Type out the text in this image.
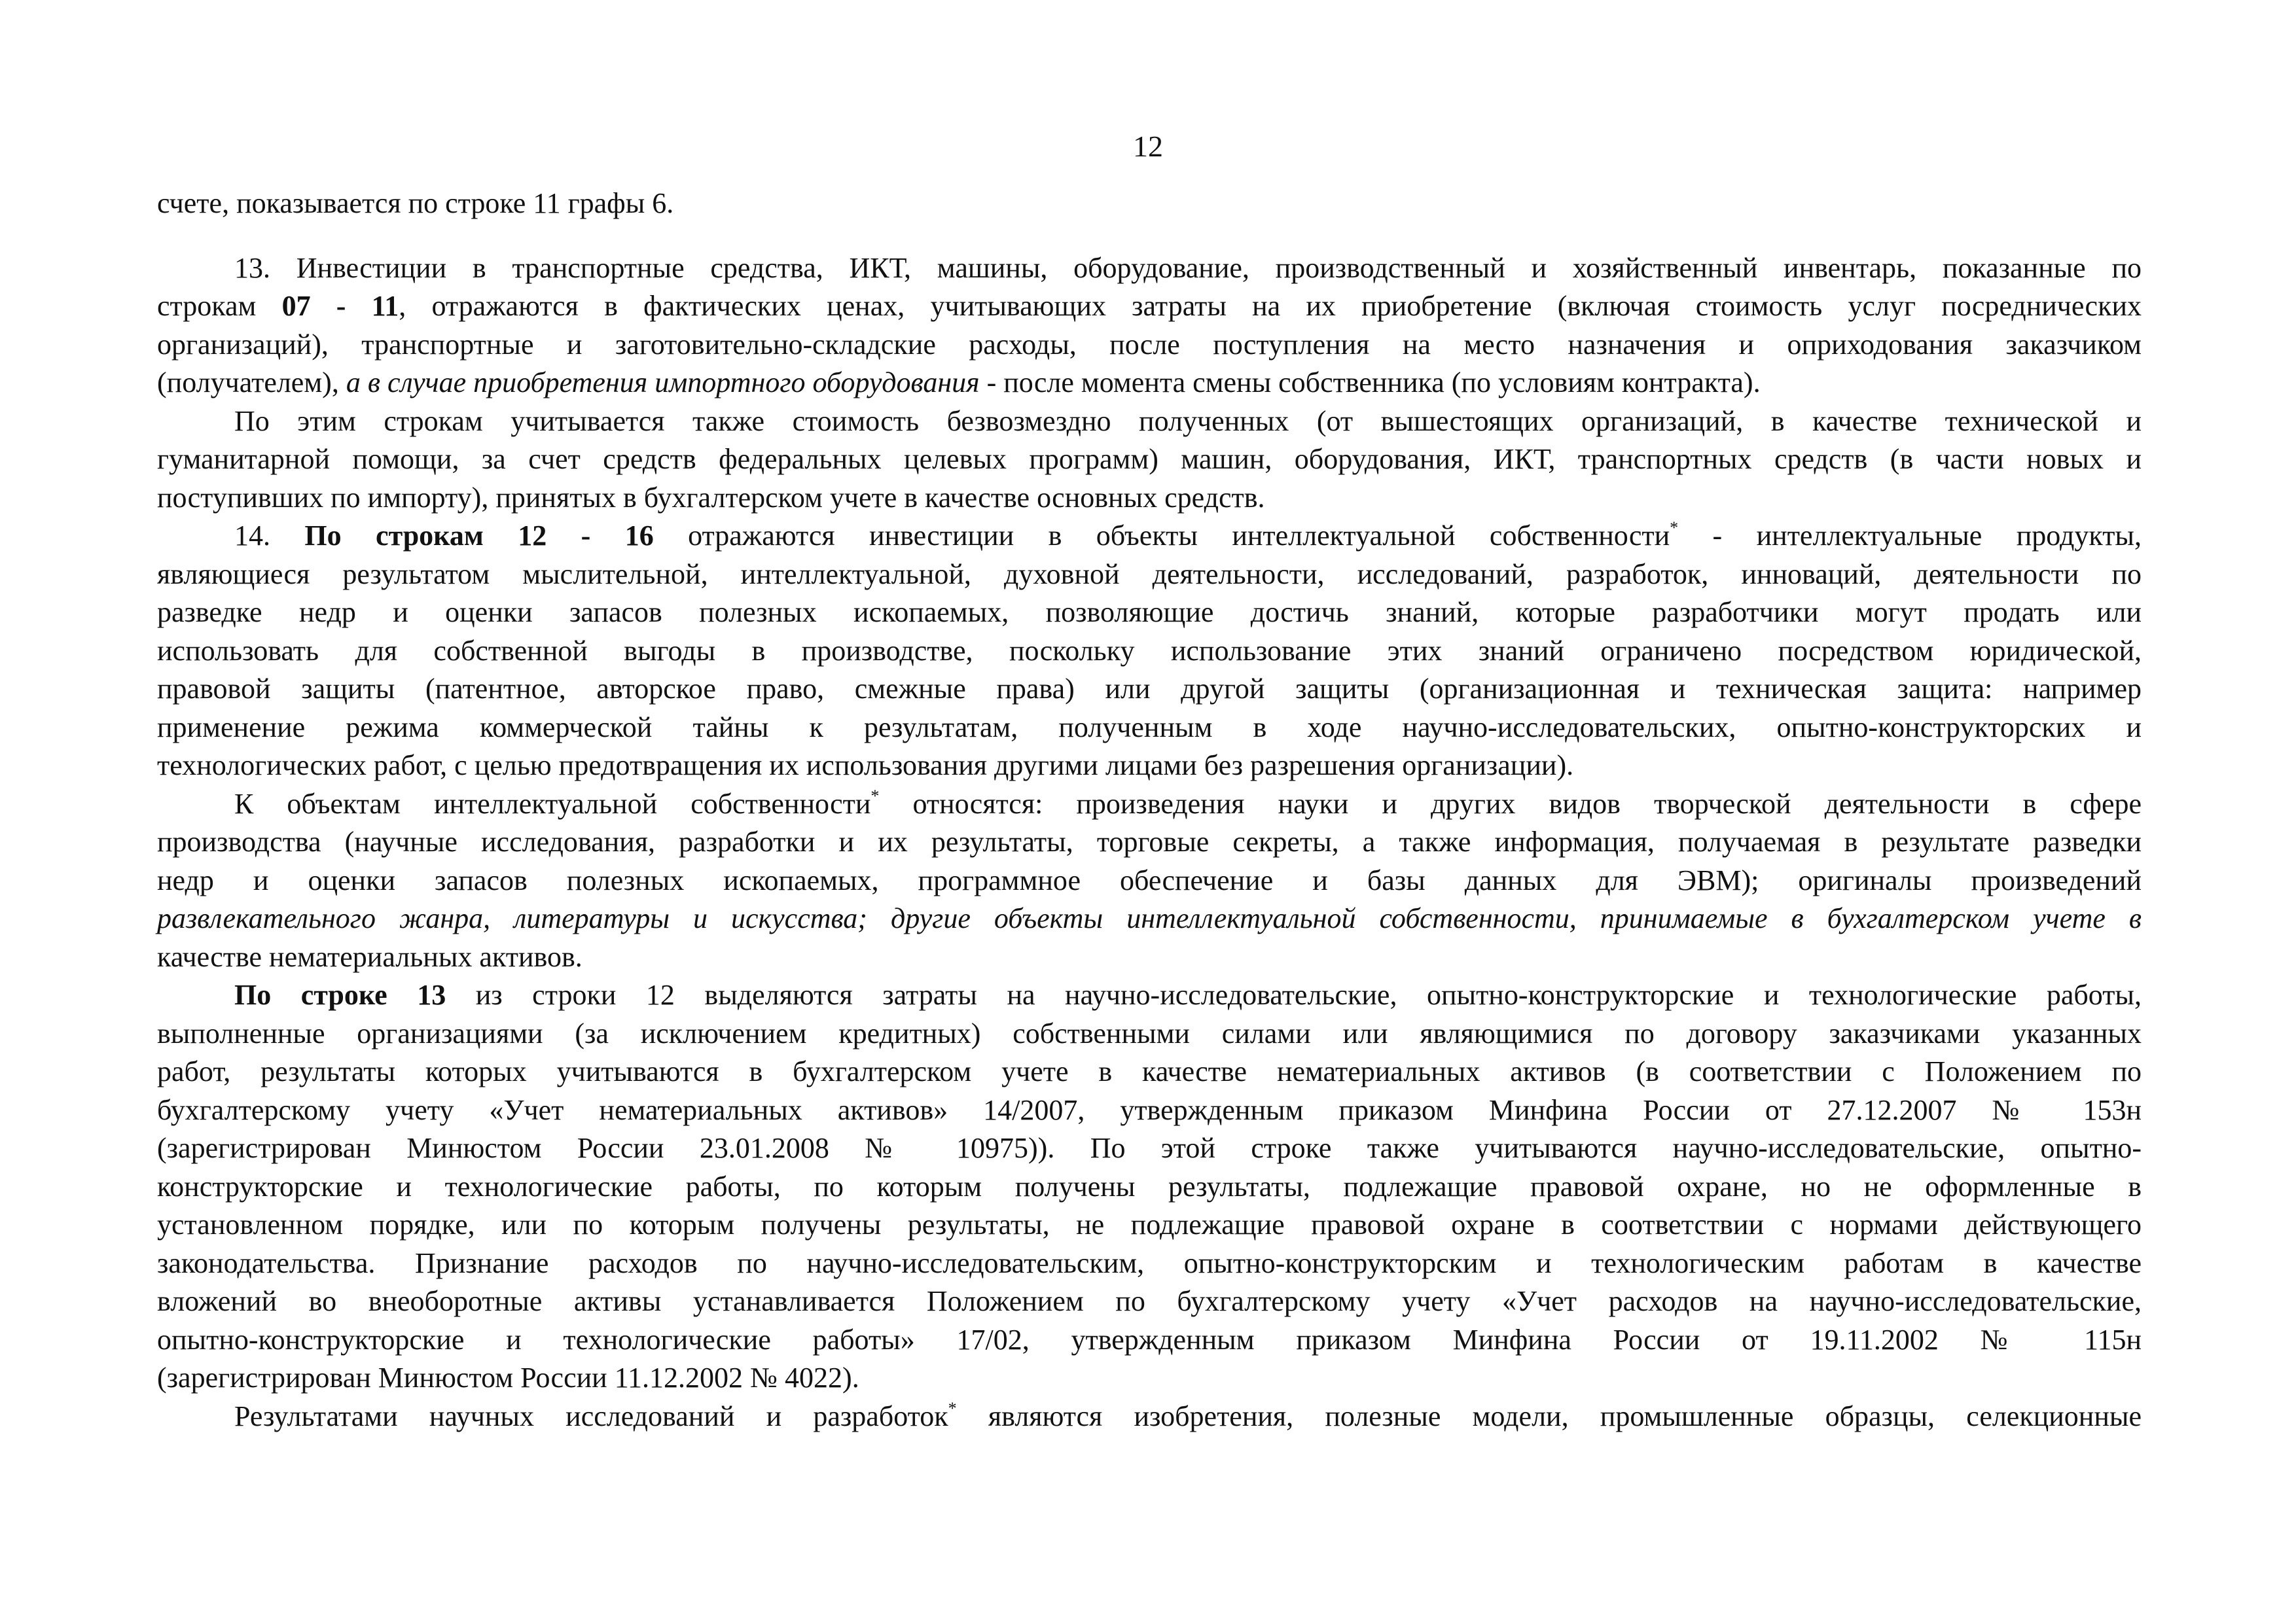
12
счете, показывается по строке 11 графы 6.
13. Инвестиции в транспортные средства, ИКТ, машины, оборудование, производственный и хозяйственный инвентарь, показанные по
строкам 07 - 11, отражаются в фактических ценах, учитывающих затраты на их приобретение (включая стоимость услуг посреднических
организаций), транспортные и заготовительно-складские расходы, после поступления на место назначения и оприходования заказчиком
(получателем), а в случае приобретения импортного оборудования - после момента смены собственника (по условиям контракта).
По этим строкам учитывается также стоимость безвозмездно полученных (от вышестоящих организаций, в качестве технической и
гуманитарной помощи, за счет средств федеральных целевых программ) машин, оборудования, ИКТ, транспортных средств (в части новых и
поступивших по импорту), принятых в бухгалтерском учете в качестве основных средств.
14. По строкам 12 - 16 отражаются инвестиции в объекты интеллектуальной собственности* - интеллектуальные продукты,
являющиеся результатом мыслительной, интеллектуальной, духовной деятельности, исследований, разработок, инноваций, деятельности по
разведке недр и оценки запасов полезных ископаемых, позволяющие достичь знаний, которые разработчики могут продать или
использовать для собственной выгоды в производстве, поскольку использование этих знаний ограничено посредством юридической,
правовой защиты (патентное, авторское право, смежные права) или другой защиты (организационная и техническая защита: например
применение режима коммерческой тайны к результатам, полученным в ходе научно-исследовательских, опытно-конструкторских и
технологических работ, с целью предотвращения их использования другими лицами без разрешения организации).
К объектам интеллектуальной собственности* относятся: произведения науки и других видов творческой деятельности в сфере
производства (научные исследования, разработки и их результаты, торговые секреты, а также информация, получаемая в результате разведки
недр и оценки запасов полезных ископаемых, программное обеспечение и базы данных для ЭВМ); оригиналы произведений
развлекательного жанра, литературы и искусства; другие объекты интеллектуальной собственности, принимаемые в бухгалтерском учете в
качестве нематериальных активов.
По строке 13 из строки 12 выделяются затраты на научно-исследовательские, опытно-конструкторские и технологические работы,
выполненные организациями (за исключением кредитных) собственными силами или являющимися по договору заказчиками указанных
работ, результаты которых учитываются в бухгалтерском учете в качестве нематериальных активов (в соответствии с Положением по
бухгалтерскому учету «Учет нематериальных активов» 14/2007, утвержденным приказом Минфина России от 27.12.2007 № 153н
(зарегистрирован Минюстом России 23.01.2008 № 10975)). По этой строке также учитываются научно-исследовательские, опытно-
конструкторские и технологические работы, по которым получены результаты, подлежащие правовой охране, но не оформленные в
установленном порядке, или по которым получены результаты, не подлежащие правовой охране в соответствии с нормами действующего
законодательства. Признание расходов по научно-исследовательским, опытно-конструкторским и технологическим работам в качестве
вложений во внеоборотные активы устанавливается Положением по бухгалтерскому учету «Учет расходов на научно-исследовательские,
опытно-конструкторские и технологические работы» 17/02, утвержденным приказом Минфина России от 19.11.2002 № 115н
(зарегистрирован Минюстом России 11.12.2002 № 4022).
Результатами научных исследований и разработок* являются изобретения, полезные модели, промышленные образцы, селекционные
